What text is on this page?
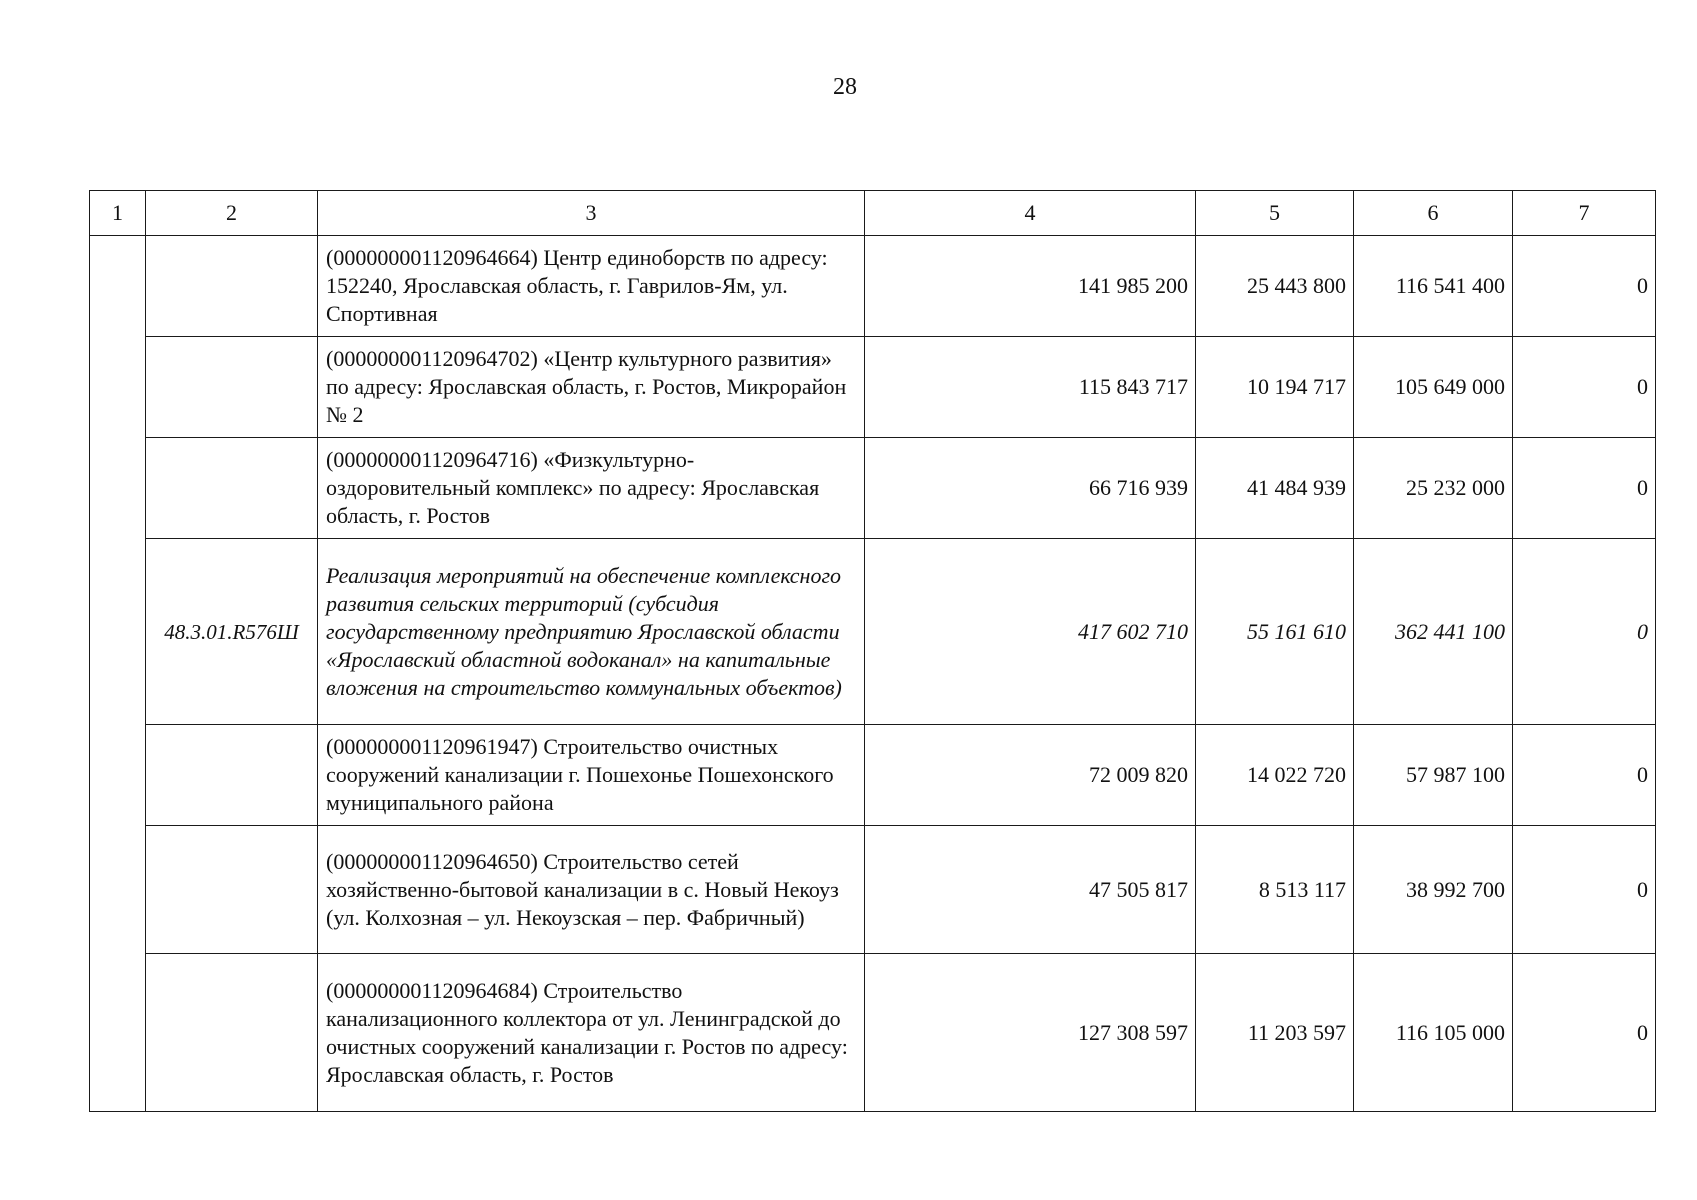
28
1	2	3	4	5	6	7
		(000000001120964664) Центр единоборств по адресу: 152240, Ярославская область, г. Гаврилов-Ям, ул. Спортивная	141 985 200	25 443 800	116 541 400	0
		(000000001120964702) «Центр культурного развития» по адресу: Ярославская область, г. Ростов, Микрорайон № 2	115 843 717	10 194 717	105 649 000	0
		(000000001120964716) «Физкультурно-оздоровительный комплекс» по адресу: Ярославская область, г. Ростов	66 716 939	41 484 939	25 232 000	0
	48.3.01.R576Ш	Реализация мероприятий на обеспечение комплексного развития сельских территорий (субсидия государственному предприятию Ярославской области «Ярославский областной водоканал» на капитальные вложения на строительство коммунальных объектов)	417 602 710	55 161 610	362 441 100	0
		(000000001120961947) Строительство очистных сооружений канализации г. Пошехонье Пошехонского муниципального района	72 009 820	14 022 720	57 987 100	0
		(000000001120964650) Строительство сетей хозяйственно-бытовой канализации в с. Новый Некоуз (ул. Колхозная – ул. Некоузская – пер. Фабричный)	47 505 817	8 513 117	38 992 700	0
		(000000001120964684) Строительство канализационного коллектора от ул. Ленинградской до очистных сооружений канализации г. Ростов по адресу: Ярославская область, г. Ростов	127 308 597	11 203 597	116 105 000	0
